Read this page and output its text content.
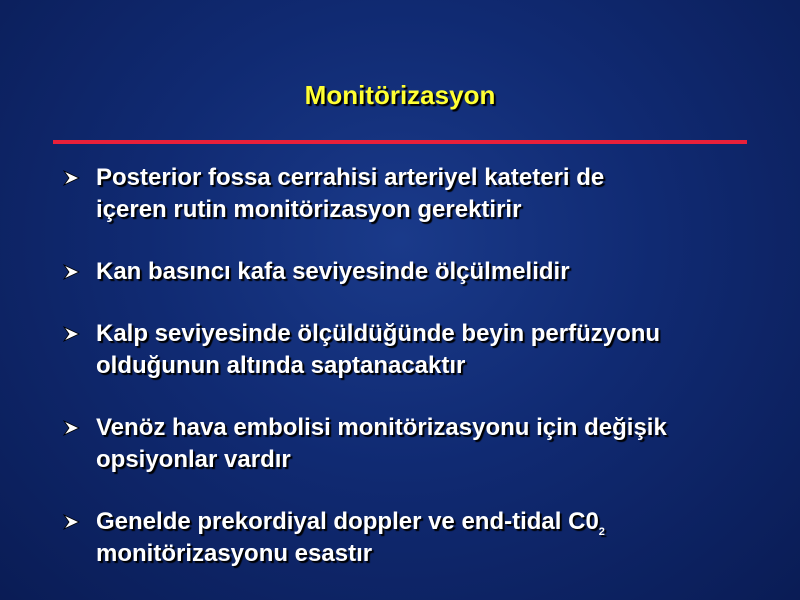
Monitörizasyon
Posterior fossa cerrahisi arteriyel kateteri de
içeren rutin monitörizasyon gerektirir
Kan basıncı kafa seviyesinde ölçülmelidir
Kalp seviyesinde ölçüldüğünde beyin perfüzyonu
olduğunun altında saptanacaktır
Venöz hava embolisi monitörizasyonu için değişik
opsiyonlar vardır
Genelde prekordiyal doppler ve end-tidal $C0_2$
monitörizasyonu esastır
